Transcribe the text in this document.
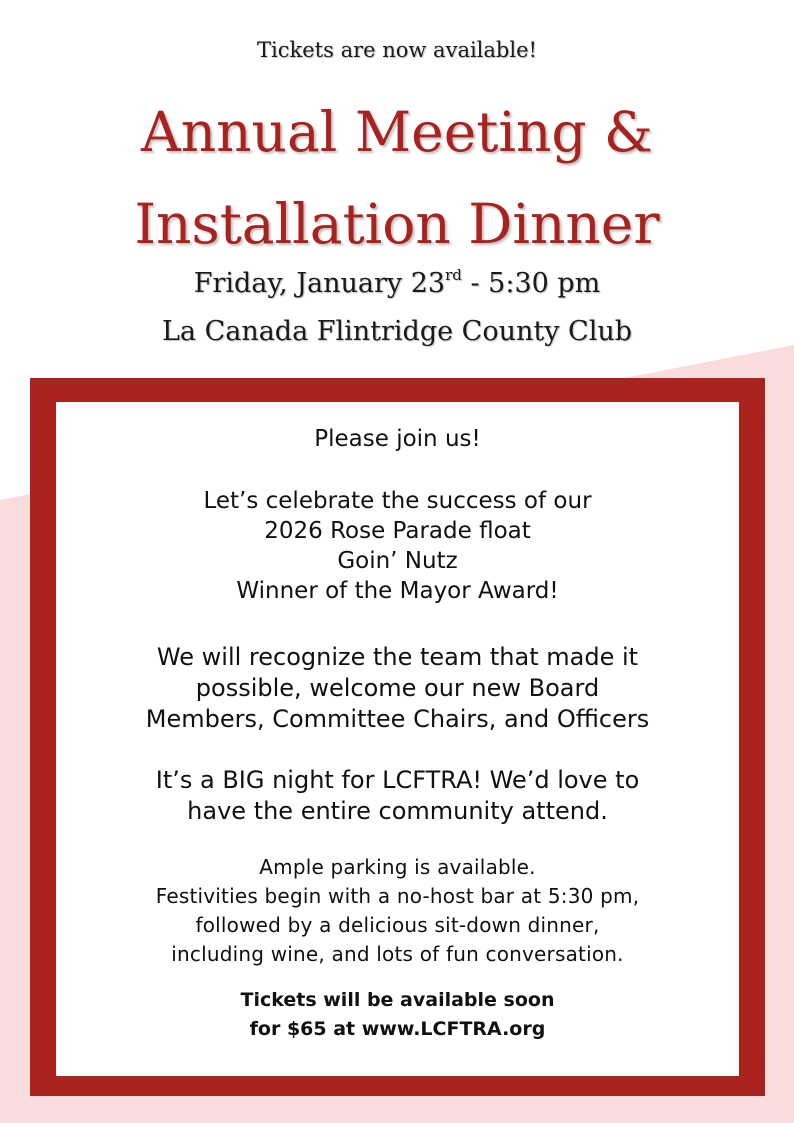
Tickets are now available!
Annual Meeting &
Installation Dinner
Friday, January 23rd - 5:30 pm
La Canada Flintridge County Club

Please join us!

Let’s celebrate the success of our
2026 Rose Parade float
Goin’ Nutz
Winner of the Mayor Award!

We will recognize the team that made it
possible, welcome our new Board
Members, Committee Chairs, and Officers

It’s a BIG night for LCFTRA! We’d love to
have the entire community attend.

Ample parking is available.
Festivities begin with a no-host bar at 5:30 pm,
followed by a delicious sit-down dinner,
including wine, and lots of fun conversation.

Tickets will be available soon
for $65 at www.LCFTRA.org
